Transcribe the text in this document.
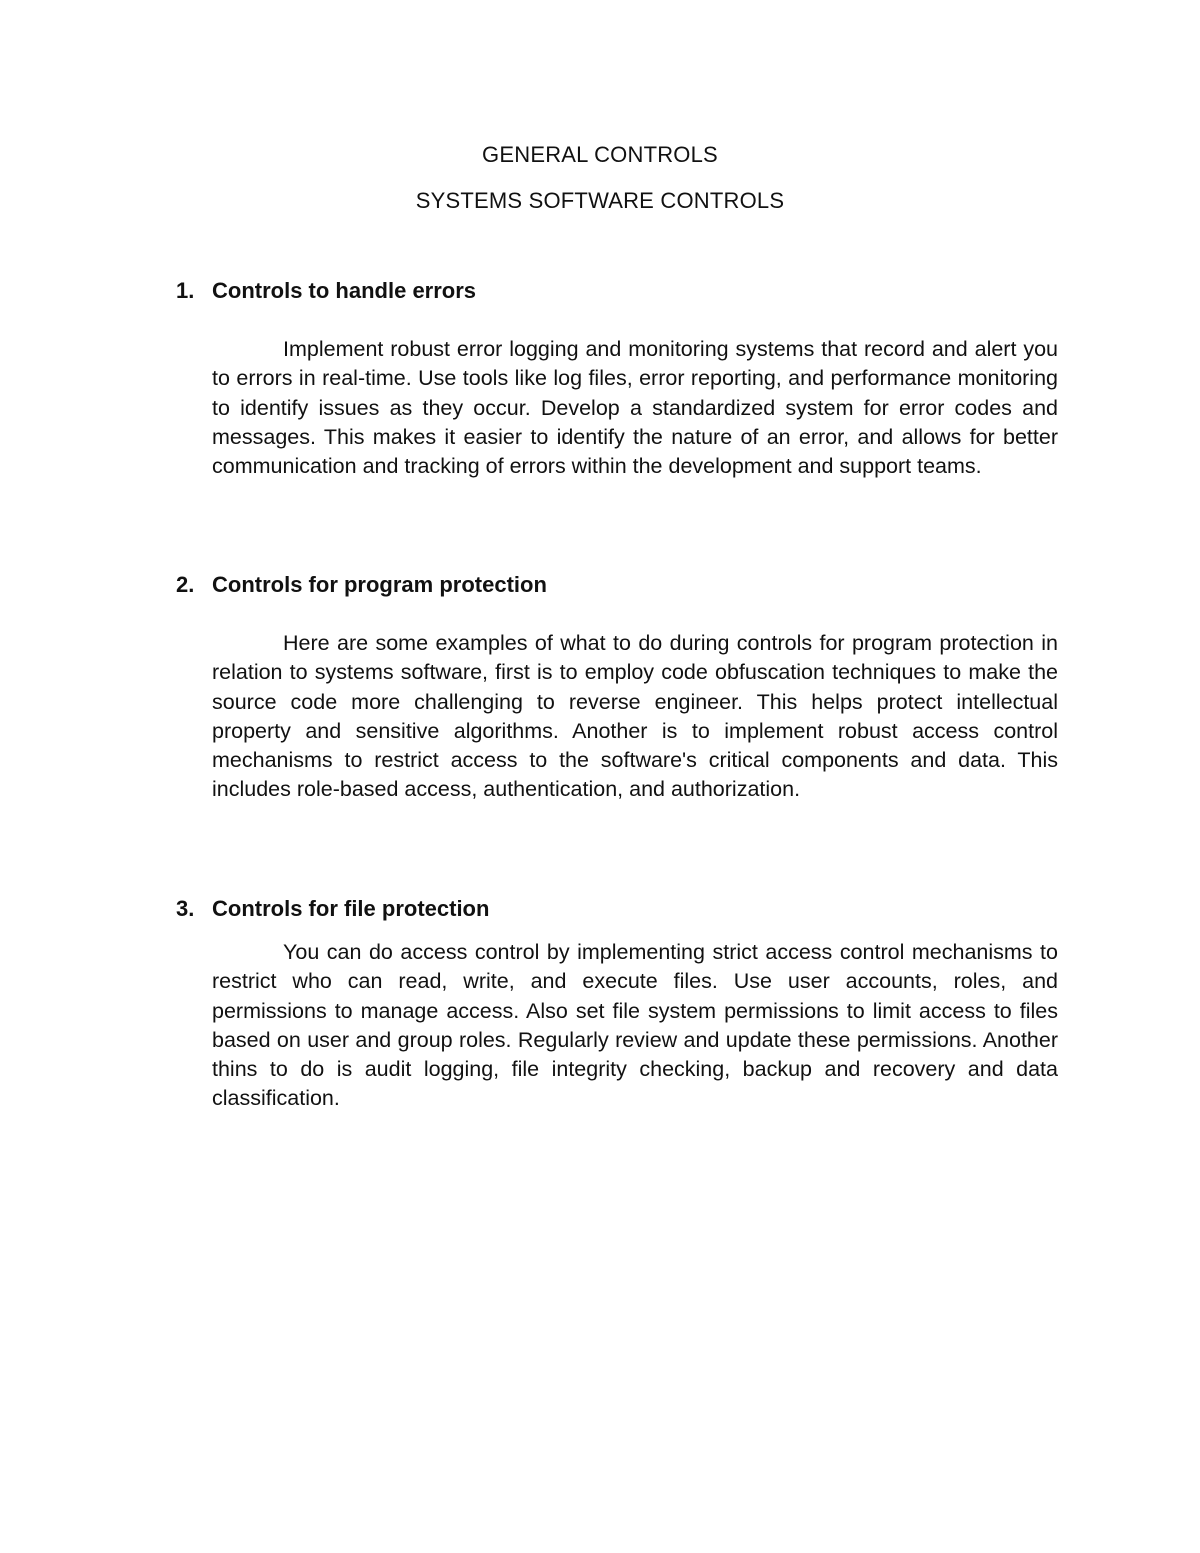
GENERAL CONTROLS
SYSTEMS SOFTWARE CONTROLS
1. Controls to handle errors

Implement robust error logging and monitoring systems that record and alert you to errors in real-time. Use tools like log files, error reporting, and performance monitoring to identify issues as they occur. Develop a standardized system for error codes and messages. This makes it easier to identify the nature of an error, and allows for better communication and tracking of errors within the development and support teams.

2. Controls for program protection

Here are some examples of what to do during controls for program protection in relation to systems software, first is to employ code obfuscation techniques to make the source code more challenging to reverse engineer. This helps protect intellectual property and sensitive algorithms. Another is to implement robust access control mechanisms to restrict access to the software's critical components and data. This includes role-based access, authentication, and authorization.

3. Controls for file protection

You can do access control by implementing strict access control mechanisms to restrict who can read, write, and execute files. Use user accounts, roles, and permissions to manage access. Also set file system permissions to limit access to files based on user and group roles. Regularly review and update these permissions. Another thins to do is audit logging, file integrity checking, backup and recovery and data classification.
